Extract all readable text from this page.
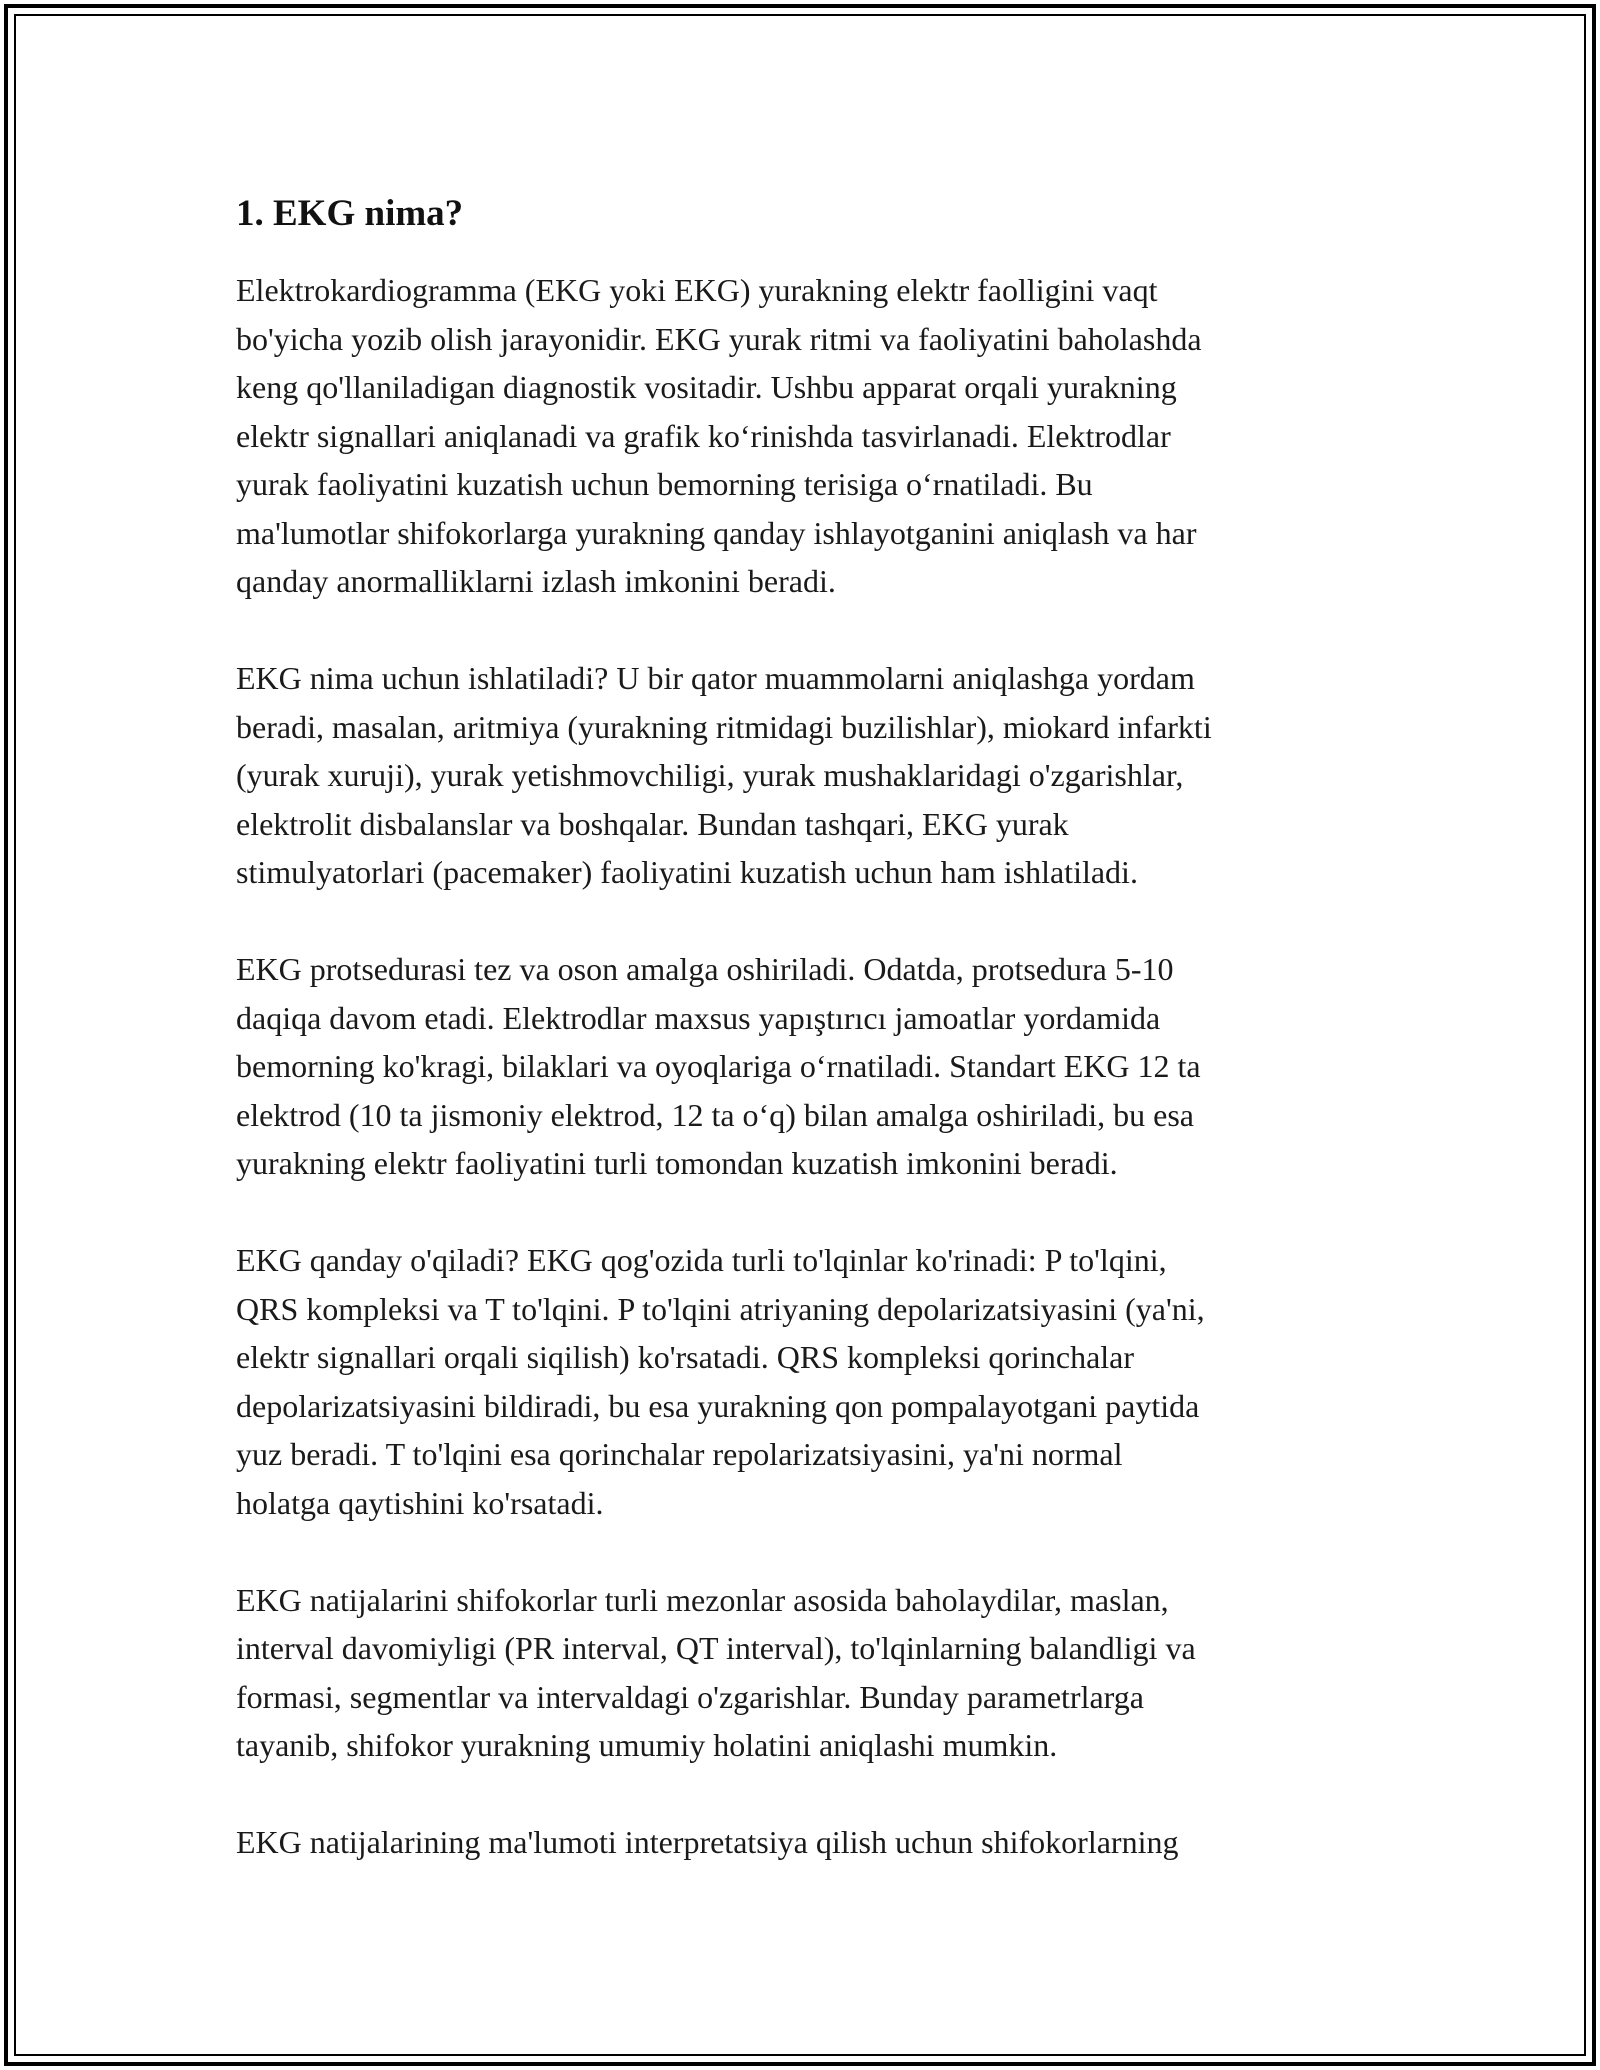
1. EKG nima?

Elektrokardiogramma (EKG yoki EKG) yurakning elektr faolligini vaqt
bo'yicha yozib olish jarayonidir. EKG yurak ritmi va faoliyatini baholashda
keng qo'llaniladigan diagnostik vositadir. Ushbu apparat orqali yurakning
elektr signallari aniqlanadi va grafik ko‘rinishda tasvirlanadi. Elektrodlar
yurak faoliyatini kuzatish uchun bemorning terisiga o‘rnatiladi. Bu
ma'lumotlar shifokorlarga yurakning qanday ishlayotganini aniqlash va har
qanday anormalliklarni izlash imkonini beradi.

EKG nima uchun ishlatiladi? U bir qator muammolarni aniqlashga yordam
beradi, masalan, aritmiya (yurakning ritmidagi buzilishlar), miokard infarkti
(yurak xuruji), yurak yetishmovchiligi, yurak mushaklaridagi o'zgarishlar,
elektrolit disbalanslar va boshqalar. Bundan tashqari, EKG yurak
stimulyatorlari (pacemaker) faoliyatini kuzatish uchun ham ishlatiladi.

EKG protsedurasi tez va oson amalga oshiriladi. Odatda, protsedura 5-10
daqiqa davom etadi. Elektrodlar maxsus yapıştırıcı jamoatlar yordamida
bemorning ko'kragi, bilaklari va oyoqlariga o‘rnatiladi. Standart EKG 12 ta
elektrod (10 ta jismoniy elektrod, 12 ta o‘q) bilan amalga oshiriladi, bu esa
yurakning elektr faoliyatini turli tomondan kuzatish imkonini beradi.

EKG qanday o'qiladi? EKG qog'ozida turli to'lqinlar ko'rinadi: P to'lqini,
QRS kompleksi va T to'lqini. P to'lqini atriyaning depolarizatsiyasini (ya'ni,
elektr signallari orqali siqilish) ko'rsatadi. QRS kompleksi qorinchalar
depolarizatsiyasini bildiradi, bu esa yurakning qon pompalayotgani paytida
yuz beradi. T to'lqini esa qorinchalar repolarizatsiyasini, ya'ni normal
holatga qaytishini ko'rsatadi.

EKG natijalarini shifokorlar turli mezonlar asosida baholaydilar, maslan,
interval davomiyligi (PR interval, QT interval), to'lqinlarning balandligi va
formasi, segmentlar va intervaldagi o'zgarishlar. Bunday parametrlarga
tayanib, shifokor yurakning umumiy holatini aniqlashi mumkin.

EKG natijalarining ma'lumoti interpretatsiya qilish uchun shifokorlarning
